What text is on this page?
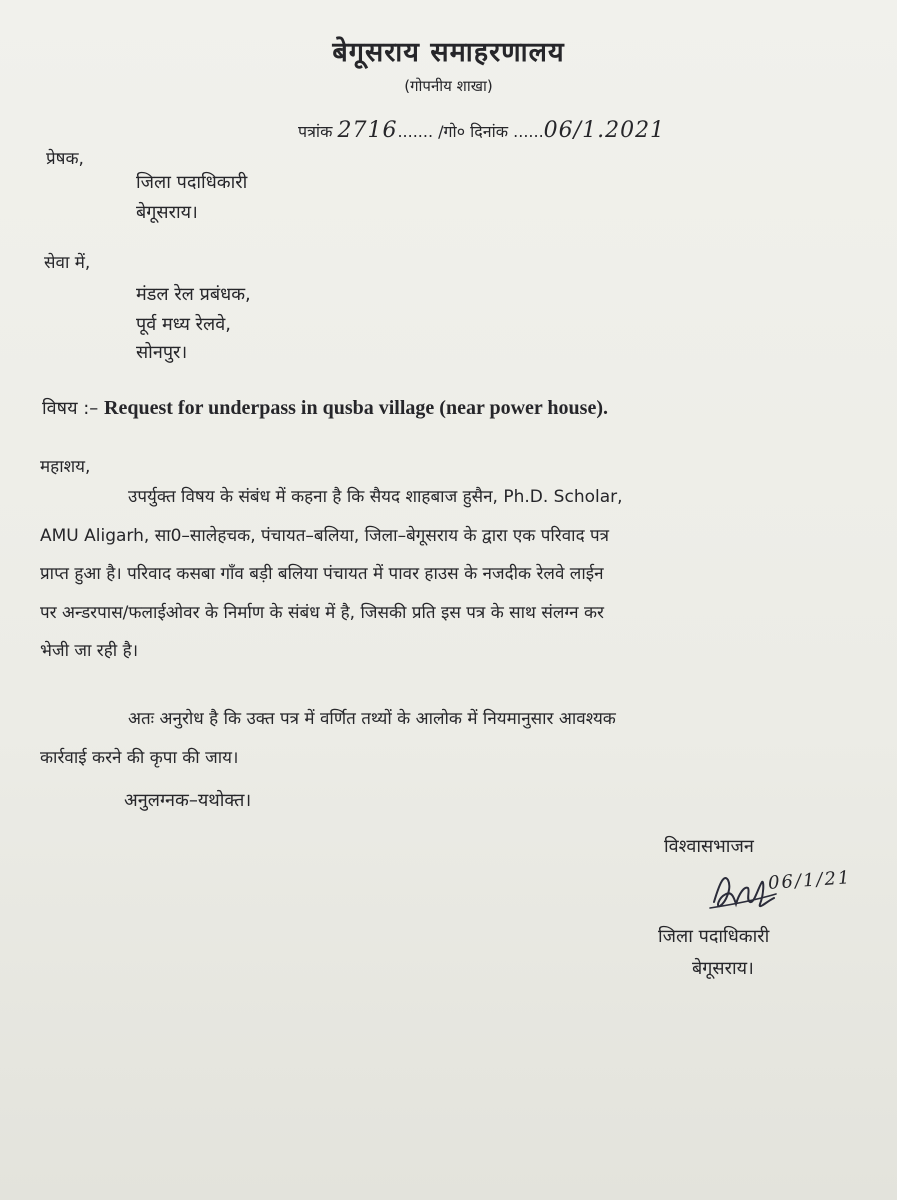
बेगूसराय समाहरणालय
(गोपनीय शाखा)
पत्रांक 2716....... /गो० दिनांक ......06/1.2021
प्रेषक,
जिला पदाधिकारी
बेगूसराय।
सेवा में,
मंडल रेल प्रबंधक,
पूर्व मध्य रेलवे,
सोनपुर।
विषय :– Request for underpass in qusba village (near power house).
महाशय,
उपर्युक्त विषय के संबंध में कहना है कि सैयद शाहबाज हुसैन, Ph.D. Scholar,
AMU Aligarh, सा0–सालेहचक, पंचायत–बलिया, जिला–बेगूसराय के द्वारा एक परिवाद पत्र
प्राप्त हुआ है। परिवाद कसबा गाँव बड़ी बलिया पंचायत में पावर हाउस के नजदीक रेलवे लाईन
पर अन्डरपास/फलाईओवर के निर्माण के संबंध में है, जिसकी प्रति इस पत्र के साथ संलग्न कर
भेजी जा रही है।
अतः अनुरोध है कि उक्त पत्र में वर्णित तथ्यों के आलोक में नियमानुसार आवश्यक
कार्रवाई करने की कृपा की जाय।
अनुलग्नक–यथोक्त।
विश्वासभाजन
06/1/21
जिला पदाधिकारी
बेगूसराय।
